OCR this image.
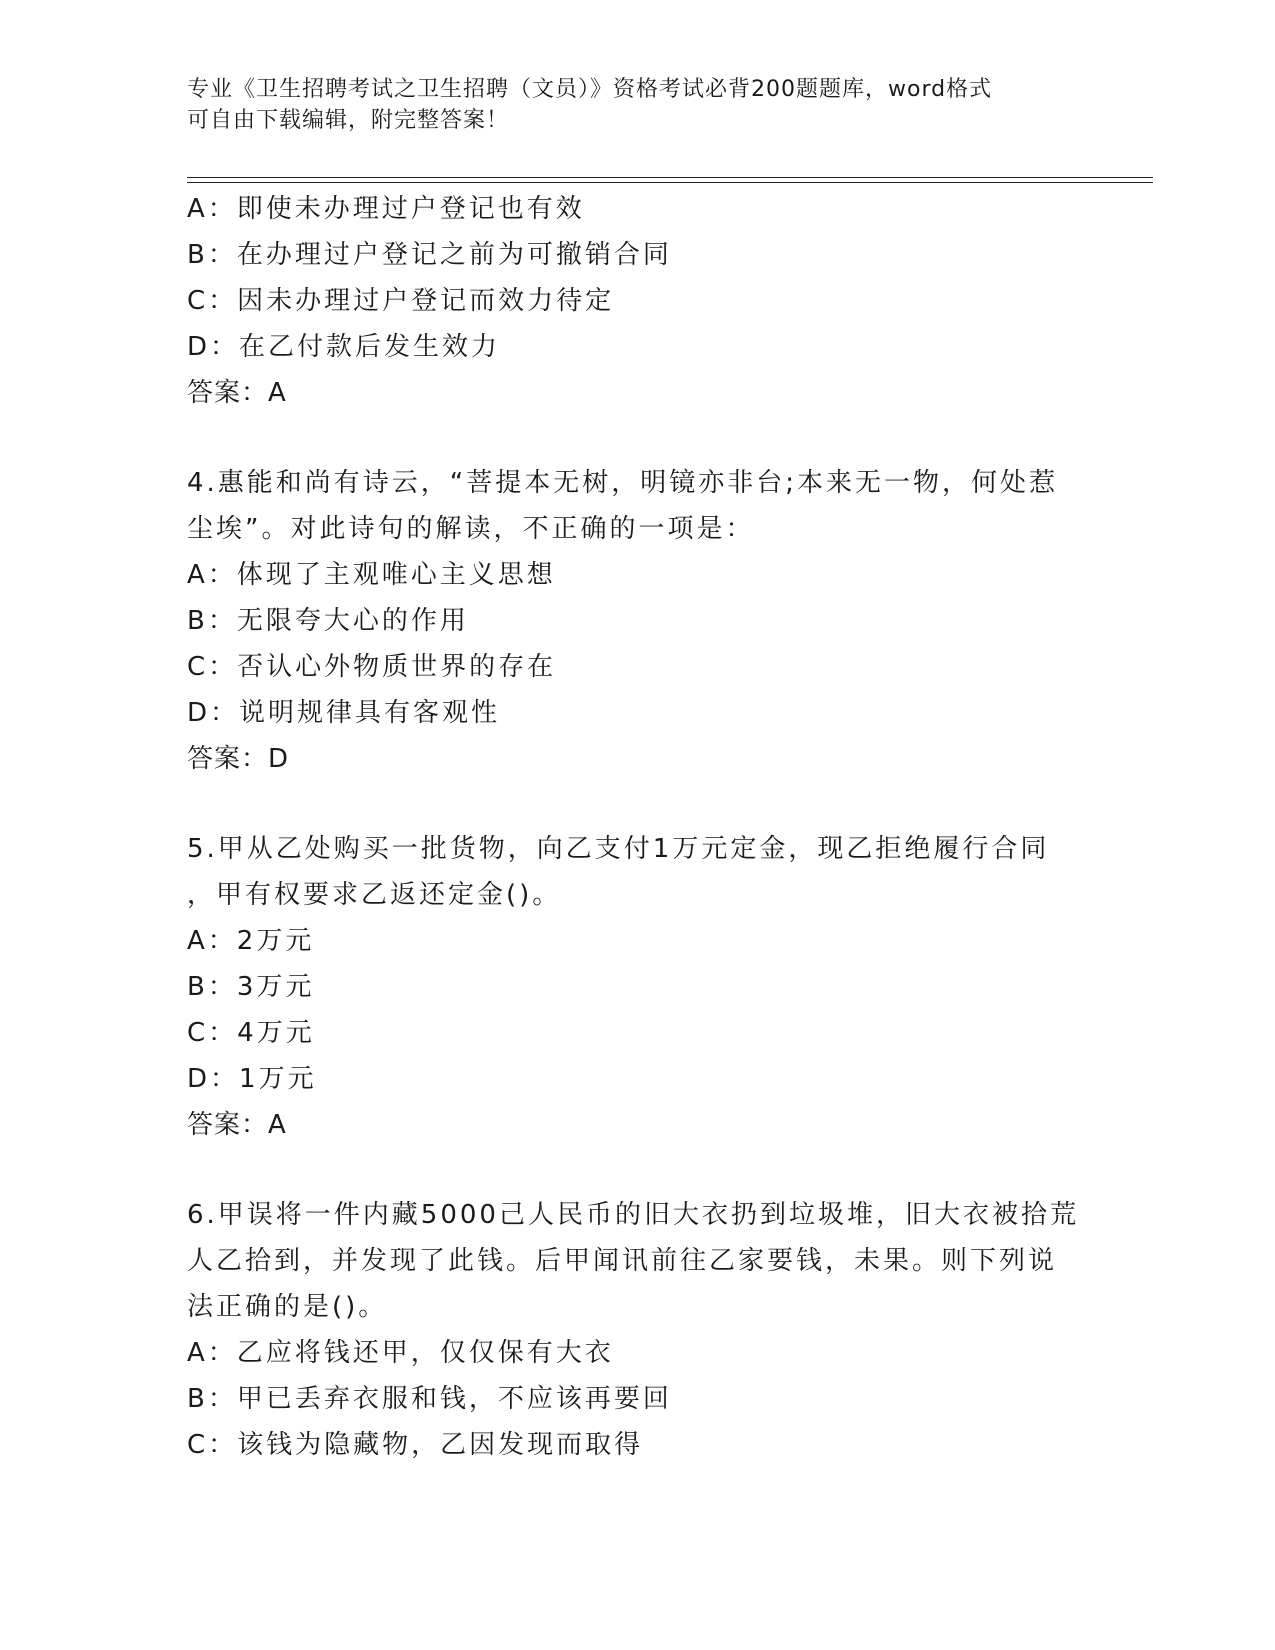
专业《卫生招聘考试之卫生招聘（文员）》资格考试必背200题题库，word格式
可自由下载编辑，附完整答案！
A：即使未办理过户登记也有效
B：在办理过户登记之前为可撤销合同
C：因未办理过户登记而效力待定
D：在乙付款后发生效力
答案：A
4.惠能和尚有诗云，“菩提本无树，明镜亦非台;本来无一物，何处惹
尘埃”。对此诗句的解读，不正确的一项是：
A：体现了主观唯心主义思想
B：无限夸大心的作用
C：否认心外物质世界的存在
D：说明规律具有客观性
答案：D
5.甲从乙处购买一批货物，向乙支付1万元定金，现乙拒绝履行合同
，甲有权要求乙返还定金()。
A：2万元
B：3万元
C：4万元
D：1万元
答案：A
6.甲误将一件内藏5000己人民币的旧大衣扔到垃圾堆，旧大衣被拾荒
人乙拾到，并发现了此钱。后甲闻讯前往乙家要钱，未果。则下列说
法正确的是()。
A：乙应将钱还甲，仅仅保有大衣
B：甲已丢弃衣服和钱，不应该再要回
C：该钱为隐藏物，乙因发现而取得
